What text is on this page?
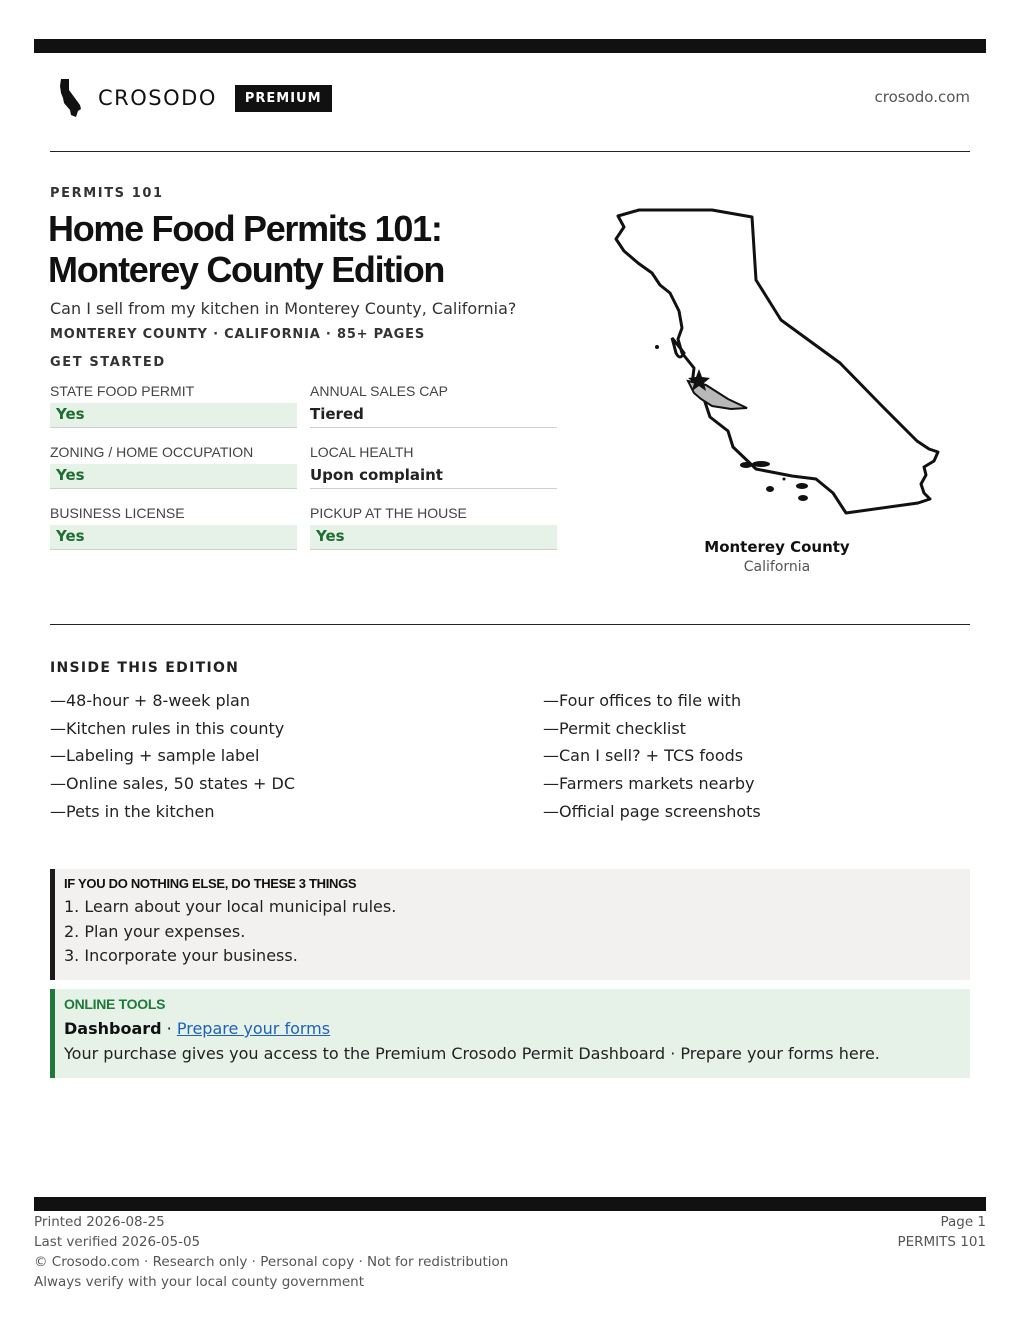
CROSODO	PREMIUM	crosodo.com
PERMITS 101
Home Food Permits 101:
Monterey County Edition
Can I sell from my kitchen in Monterey County, California?
MONTEREY COUNTY · CALIFORNIA · 85+ PAGES
GET STARTED
STATE FOOD PERMIT
Yes
ANNUAL SALES CAP
Tiered
ZONING / HOME OCCUPATION
Yes
LOCAL HEALTH
Upon complaint
BUSINESS LICENSE
Yes
PICKUP AT THE HOUSE
Yes
Monterey County
California
INSIDE THIS EDITION
—48-hour + 8-week plan
—Kitchen rules in this county
—Labeling + sample label
—Online sales, 50 states + DC
—Pets in the kitchen
—Four offices to file with
—Permit checklist
—Can I sell? + TCS foods
—Farmers markets nearby
—Official page screenshots
IF YOU DO NOTHING ELSE, DO THESE 3 THINGS
1. Learn about your local municipal rules.
2. Plan your expenses.
3. Incorporate your business.
ONLINE TOOLS
Dashboard · Prepare your forms
Your purchase gives you access to the Premium Crosodo Permit Dashboard · Prepare your forms here.
Printed 2026-08-25
Last verified 2026-05-05
© Crosodo.com · Research only · Personal copy · Not for redistribution
Always verify with your local county government
Page 1
PERMITS 101
